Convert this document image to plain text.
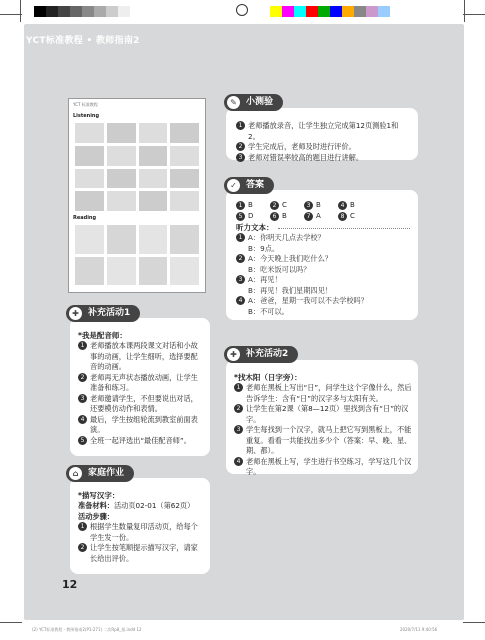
YCT标准教程 • 教师指南2
YCT 标准教程
Listening
Reading
1 老师播放录音，让学生独立完成第12页测验1和2。
2 学生完成后，老师及时进行评价。
3 老师对错误率较高的题目进行讲解。
✎	小测验
1 B	2 C	3 B	4 B
5 D	6 B	7 A	8 C
听力文本：
1 A：你明天几点去学校？
B：9点。
2 A：今天晚上我们吃什么？
B：吃米饭可以吗？
3 A：再见！
B：再见！我们星期四见！
4 A：爸爸，星期一我可以不去学校吗？
B：不可以。
✓	答案
*我是配音师：
1 老师播放本课两段课文对话和小故事的动画，让学生细听，选择要配音的动画。
2 老师再无声状态播放动画，让学生准备和练习。
3 老师邀请学生，不但要说出对话，还要模仿动作和表情。
4 最后，学生按组轮流到教室前面表演。
5 全班一起评选出“最佳配音师”。
✚	补充活动1
*找木阳（日字旁）：
1 老师在黑板上写出“日”，问学生这个字像什么，然后告诉学生：含有“日”的汉字多与太阳有关。
2 让学生在第2课（第8—12页）里找到含有“日”的汉字。
3 学生每找到一个汉字，就马上把它写到黑板上，不能重复。看看一共能找出多少个（答案：早、晚、星、期、都）。
4 老师在黑板上写，学生进行书空练习，学写这几个汉字。
✚	补充活动2
*描写汉字：
准备材料： 活动页02-01（第62页）
活动步骤：
1 根据学生数量复印活动页，给每个学生发一份。
2 让学生按笔顺提示描写汉字，请家长给出评价。
⌂	家庭作业
12
(2) YCT标准教程 - 教师指南2(P1-271) 二次Rp8_基.indd 12	2020/7/11 9:40:56
